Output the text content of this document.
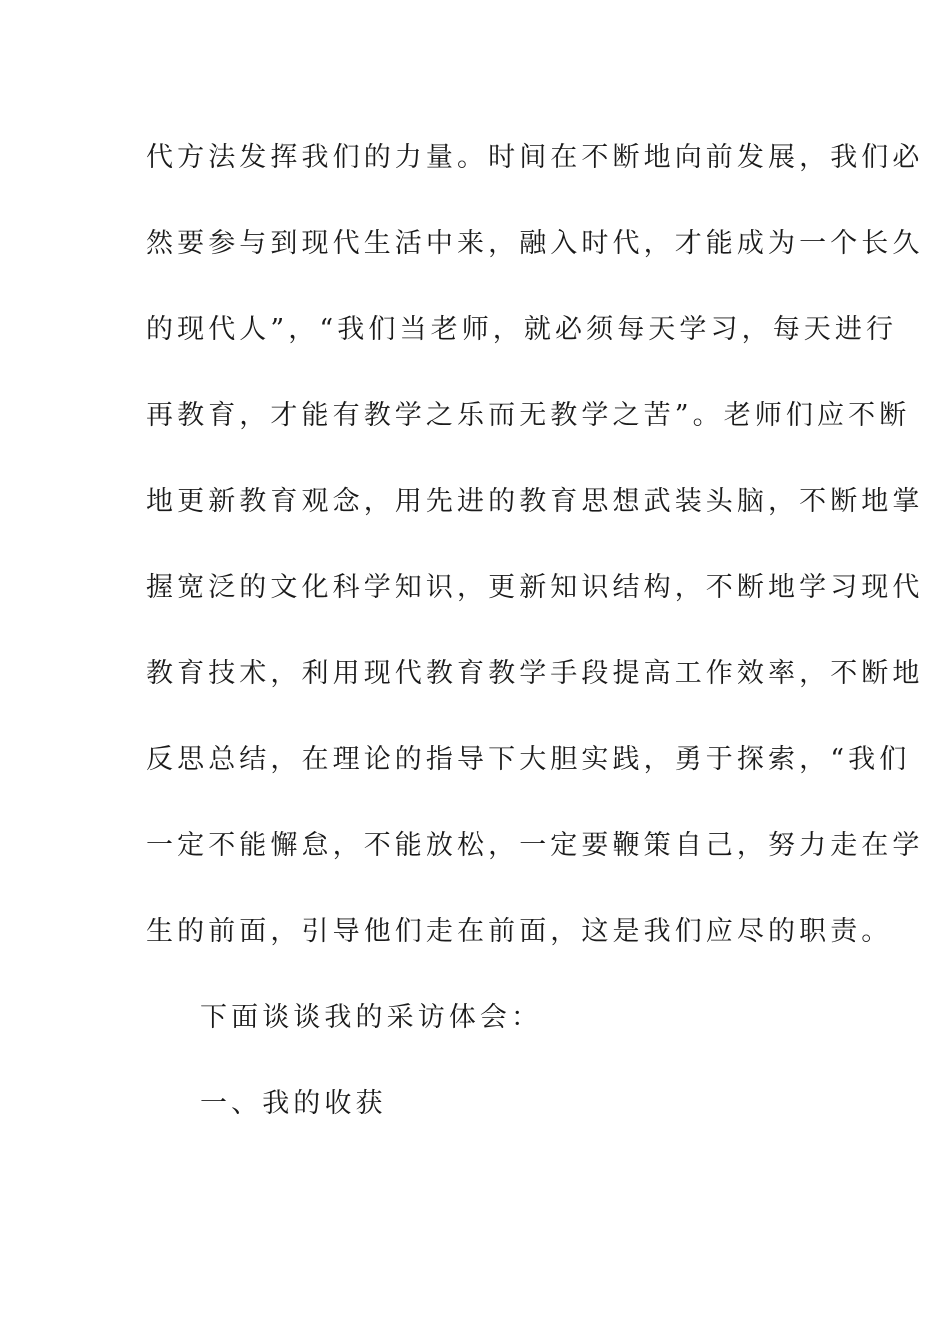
代方法发挥我们的力量。时间在不断地向前发展，我们必
然要参与到现代生活中来，融入时代，才能成为一个长久
的现代人”，“我们当老师，就必须每天学习，每天进行
再教育，才能有教学之乐而无教学之苦”。老师们应不断
地更新教育观念，用先进的教育思想武装头脑，不断地掌
握宽泛的文化科学知识，更新知识结构，不断地学习现代
教育技术，利用现代教育教学手段提高工作效率，不断地
反思总结，在理论的指导下大胆实践，勇于探索，“我们
一定不能懈怠，不能放松，一定要鞭策自己，努力走在学
生的前面，引导他们走在前面，这是我们应尽的职责。
下面谈谈我的采访体会：
一、我的收获
